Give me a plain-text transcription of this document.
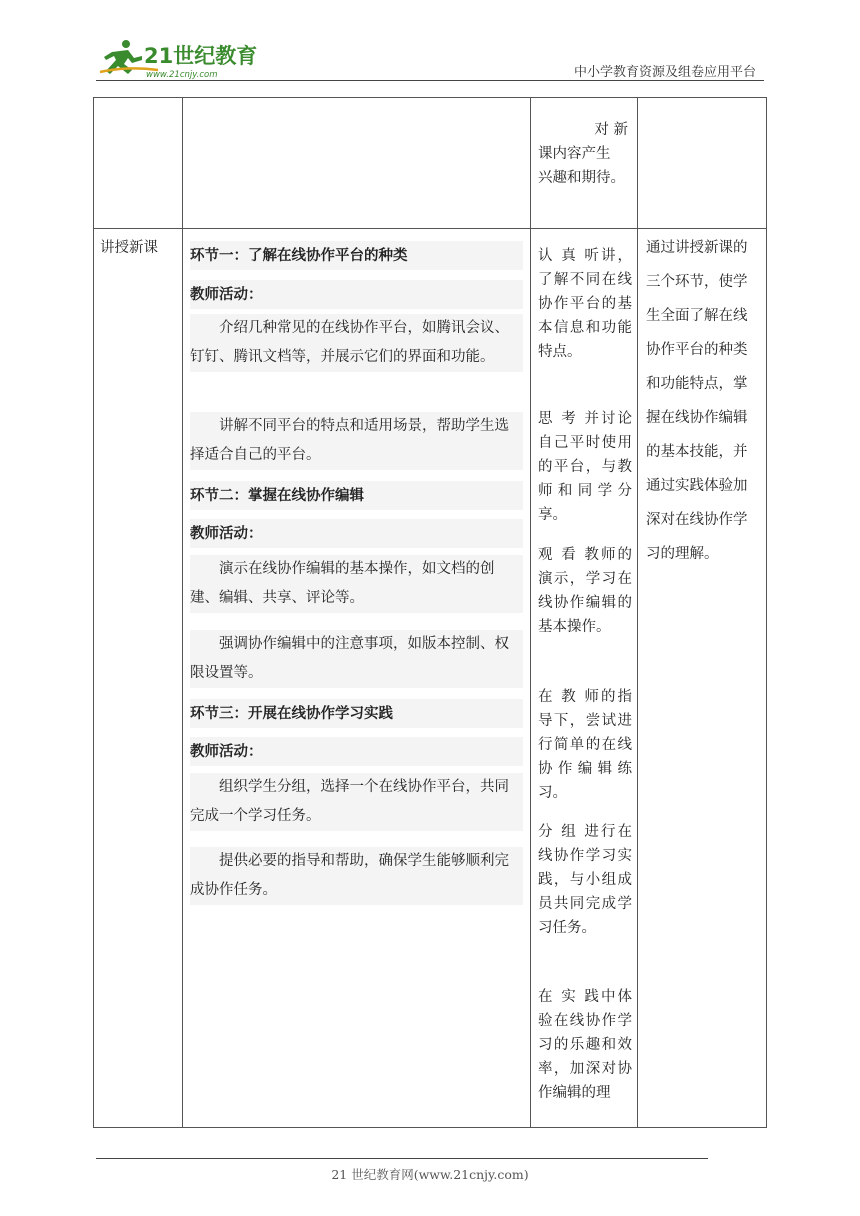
21世纪教育
www.21cnjy.com	中小学教育资源及组卷应用平台
对 新
课内容产生
兴趣和期待。
讲授新课 环节一：了解在线协作平台的种类

教师活动：

介绍几种常见的在线协作平台，如腾讯会议、钉钉、腾讯文档等，并展示它们的界面和功能。

讲解不同平台的特点和适用场景，帮助学生选择适合自己的平台。

环节二：掌握在线协作编辑

教师活动：

演示在线协作编辑的基本操作，如文档的创建、编辑、共享、评论等。

强调协作编辑中的注意事项，如版本控制、权限设置等。

环节三：开展在线协作学习实践

教师活动：

组织学生分组，选择一个在线协作平台，共同完成一个学习任务。

提供必要的指导和帮助，确保学生能够顺利完成协作任务。

认 真 听讲，了解不同在线协作平台的基本信息和功能特点。
思 考 并讨论自己平时使用的平台，与教师和同学分享。
观 看 教师的演示，学习在线协作编辑的基本操作。
在 教 师的指导下，尝试进行简单的在线协作编辑练习。
分 组 进行在线协作学习实践，与小组成员共同完成学习任务。
在 实 践中体验在线协作学习的乐趣和效率，加深对协作编辑的理
通过讲授新课的三个环节，使学生全面了解在线协作平台的种类和功能特点，掌握在线协作编辑的基本技能，并通过实践体验加深对在线协作学习的理解。
21 世纪教育网(www.21cnjy.com)
